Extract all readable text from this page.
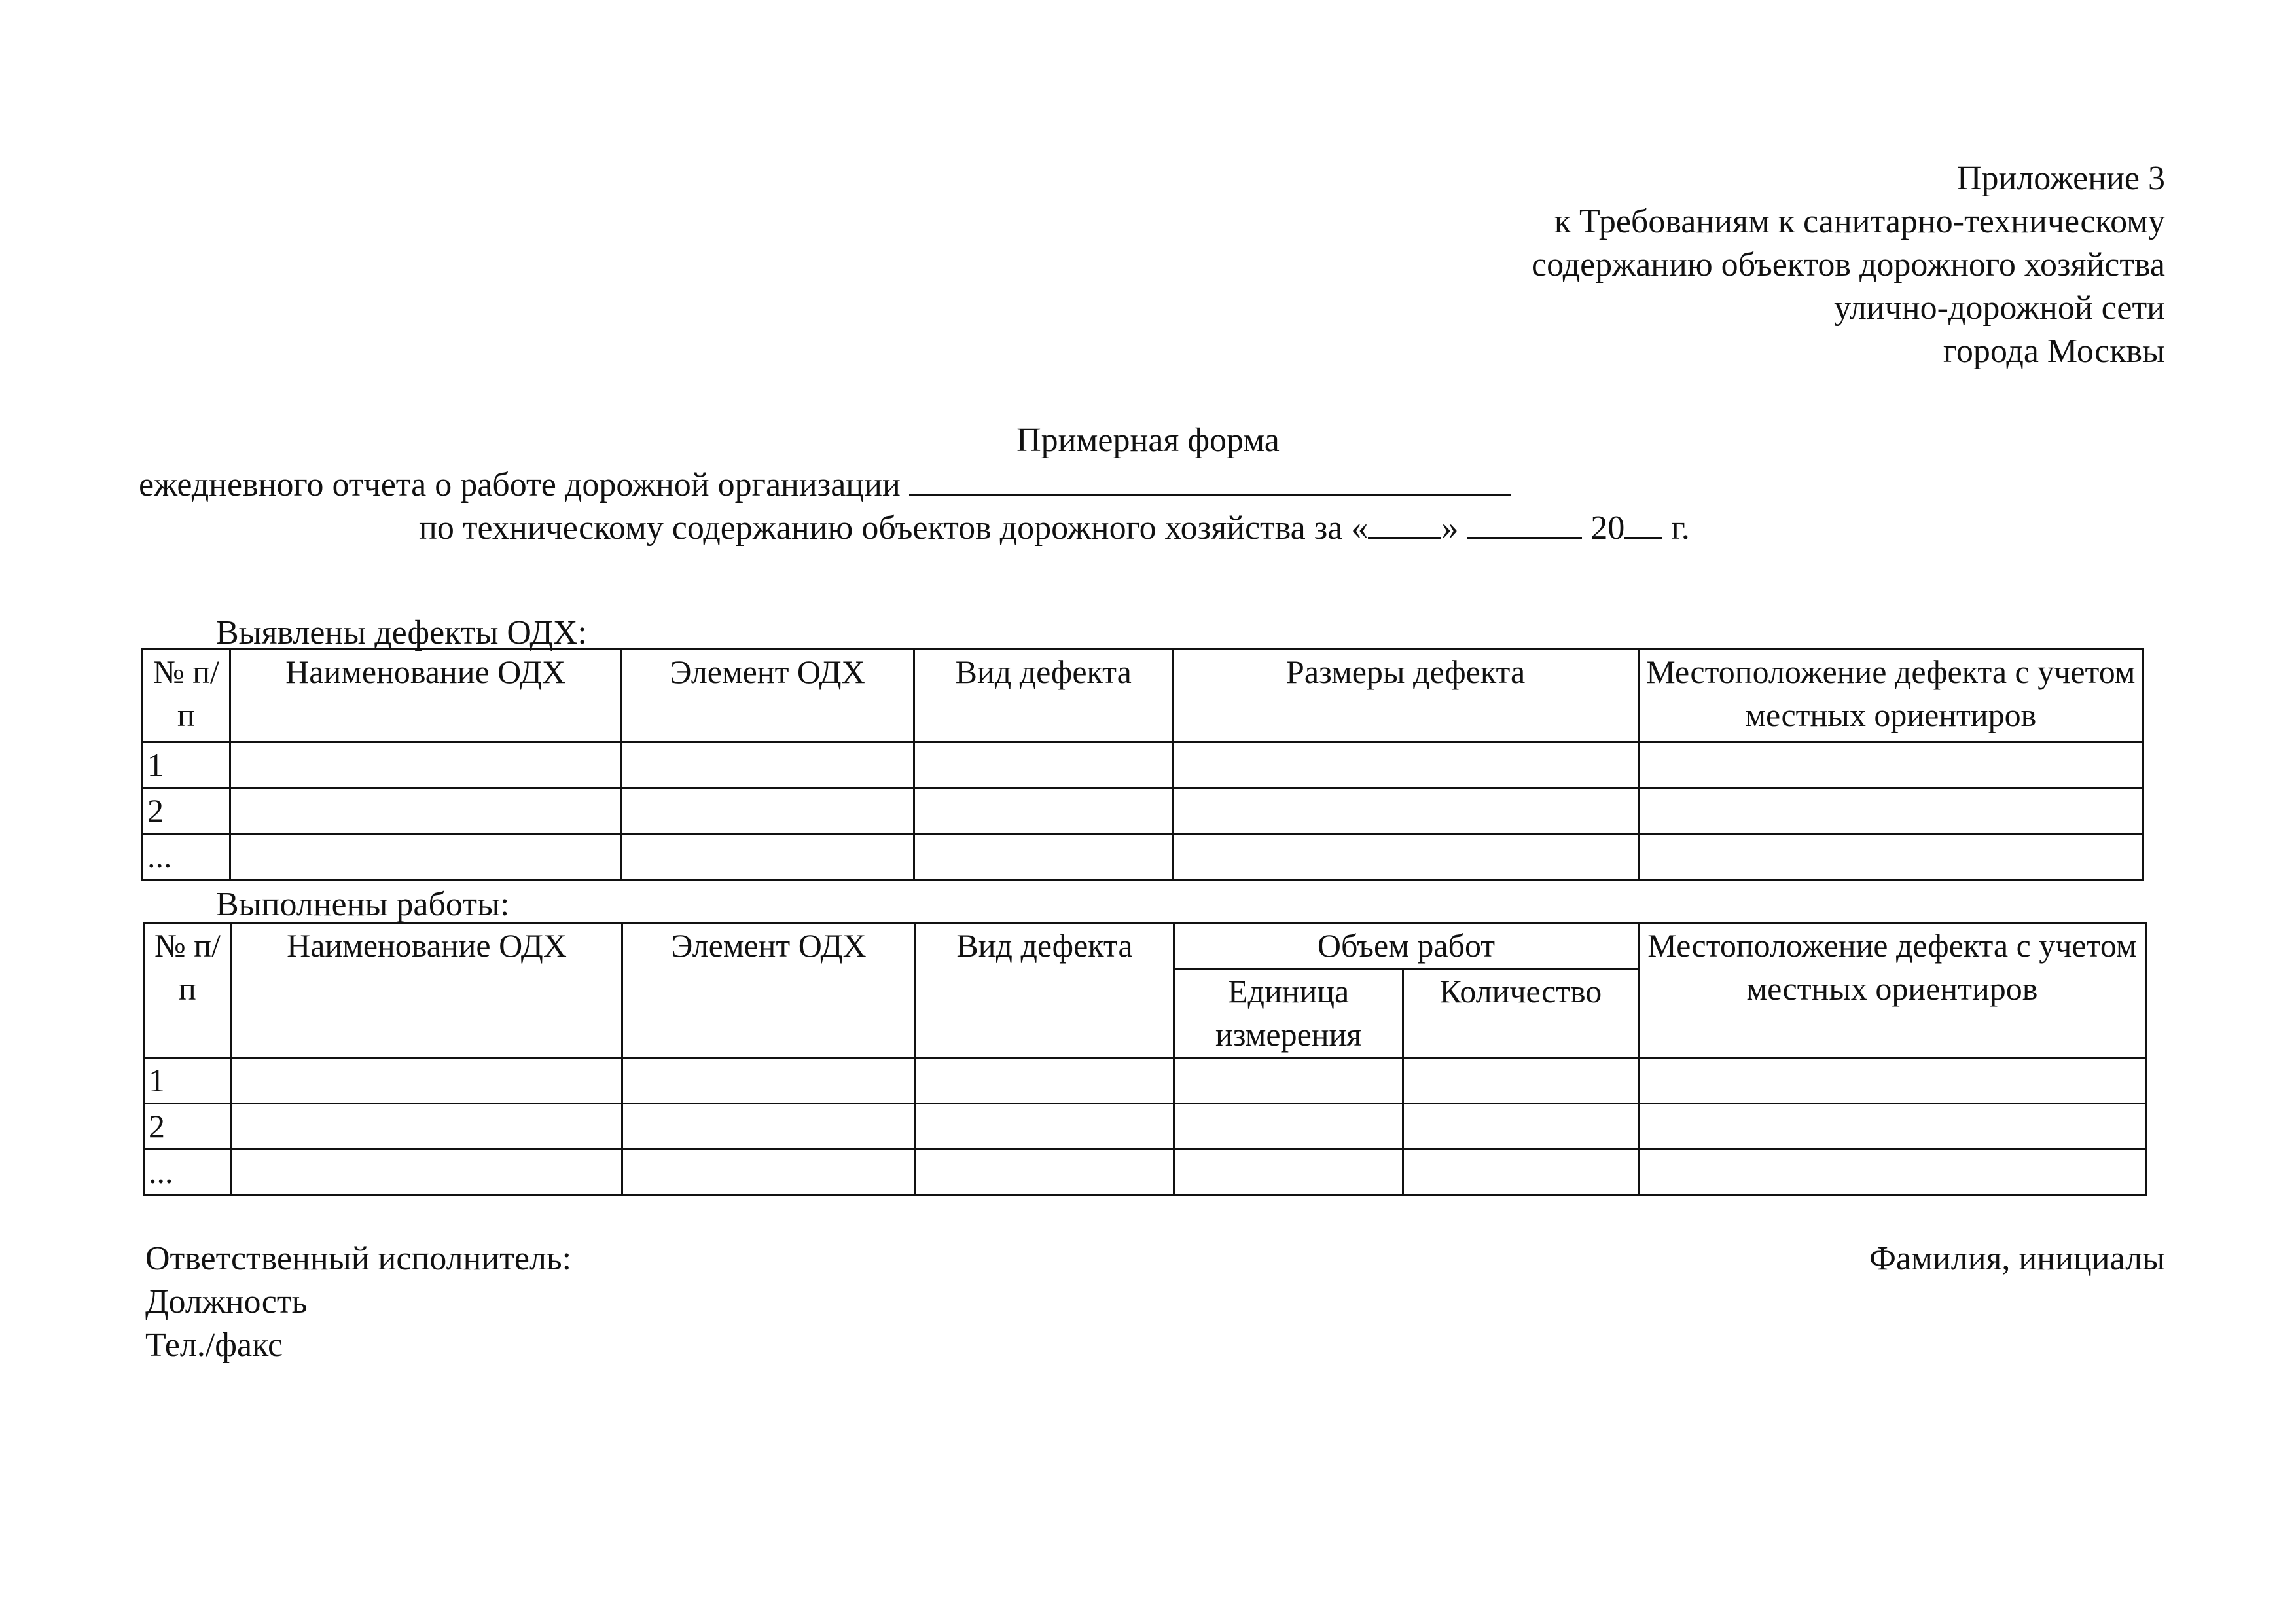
Приложение 3
к Требованиям к санитарно-техническому
содержанию объектов дорожного хозяйства
улично-дорожной сети
города Москвы
Примерная форма
ежедневного отчета о работе дорожной организации
по техническому содержанию объектов дорожного хозяйства за « »	20 г.
Выявлены дефекты ОДХ:
№ п/п	Наименование ОДХ	Элемент ОДХ	Вид дефекта	Размеры дефекта	Местоположение дефекта с учетом местных ориентиров
1					
2					
...					
Выполнены работы:
№ п/п	Наименование ОДХ	Элемент ОДХ	Вид дефекта	Объем работ		Местоположение дефекта с учетом местных ориентиров
				Единица измерения	Количество	
1						
2						
...						
Ответственный исполнитель:
Должность
Тел./факс
Фамилия, инициалы
